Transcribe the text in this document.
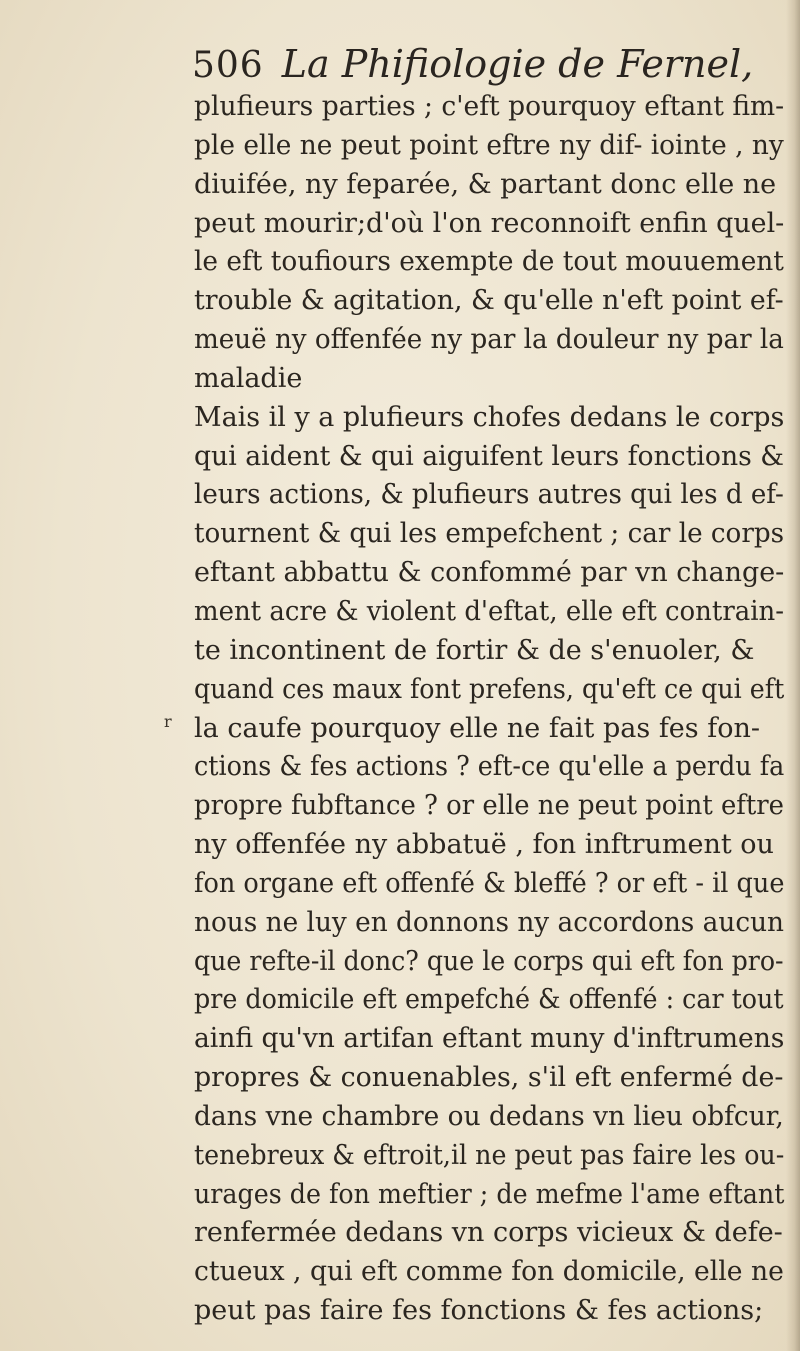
506 La Phifiologie de Fernel,
r
plufieurs parties ; c'eft pourquoy eftant fim-
ple elle ne peut point eftre ny dif- iointe , ny
diuifée, ny feparée, & partant donc elle ne
peut mourir;d'où l'on reconnoift enfin quel-
le eft toufiours exempte de tout mouuement
trouble & agitation, & qu'elle n'eft point ef-
meuë ny offenfée ny par la douleur ny par la
maladie
Mais il y a plufieurs chofes dedans le corps
qui aident & qui aiguifent leurs fonctions &
leurs actions, & plufieurs autres qui les d ef-
tournent & qui les empefchent ; car le corps
eftant abbattu & confommé par vn change-
ment acre & violent d'eftat, elle eft contrain-
te incontinent de fortir & de s'enuoler, &
quand ces maux font prefens, qu'eft ce qui eft
la caufe pourquoy elle ne fait pas fes fon-
ctions & fes actions ? eft-ce qu'elle a perdu fa
propre fubftance ? or elle ne peut point eftre
ny offenfée ny abbatuë , fon inftrument ou
fon organe eft offenfé & bleffé ? or eft - il que
nous ne luy en donnons ny accordons aucun
que refte-il donc? que le corps qui eft fon pro-
pre domicile eft empefché & offenfé : car tout
ainfi qu'vn artifan eftant muny d'inftrumens
propres & conuenables, s'il eft enfermé de-
dans vne chambre ou dedans vn lieu obfcur,
tenebreux & eftroit,il ne peut pas faire les ou-
urages de fon meftier ; de mefme l'ame eftant
renfermée dedans vn corps vicieux & defe-
ctueux , qui eft comme fon domicile, elle ne
peut pas faire fes fonctions & fes actions;
